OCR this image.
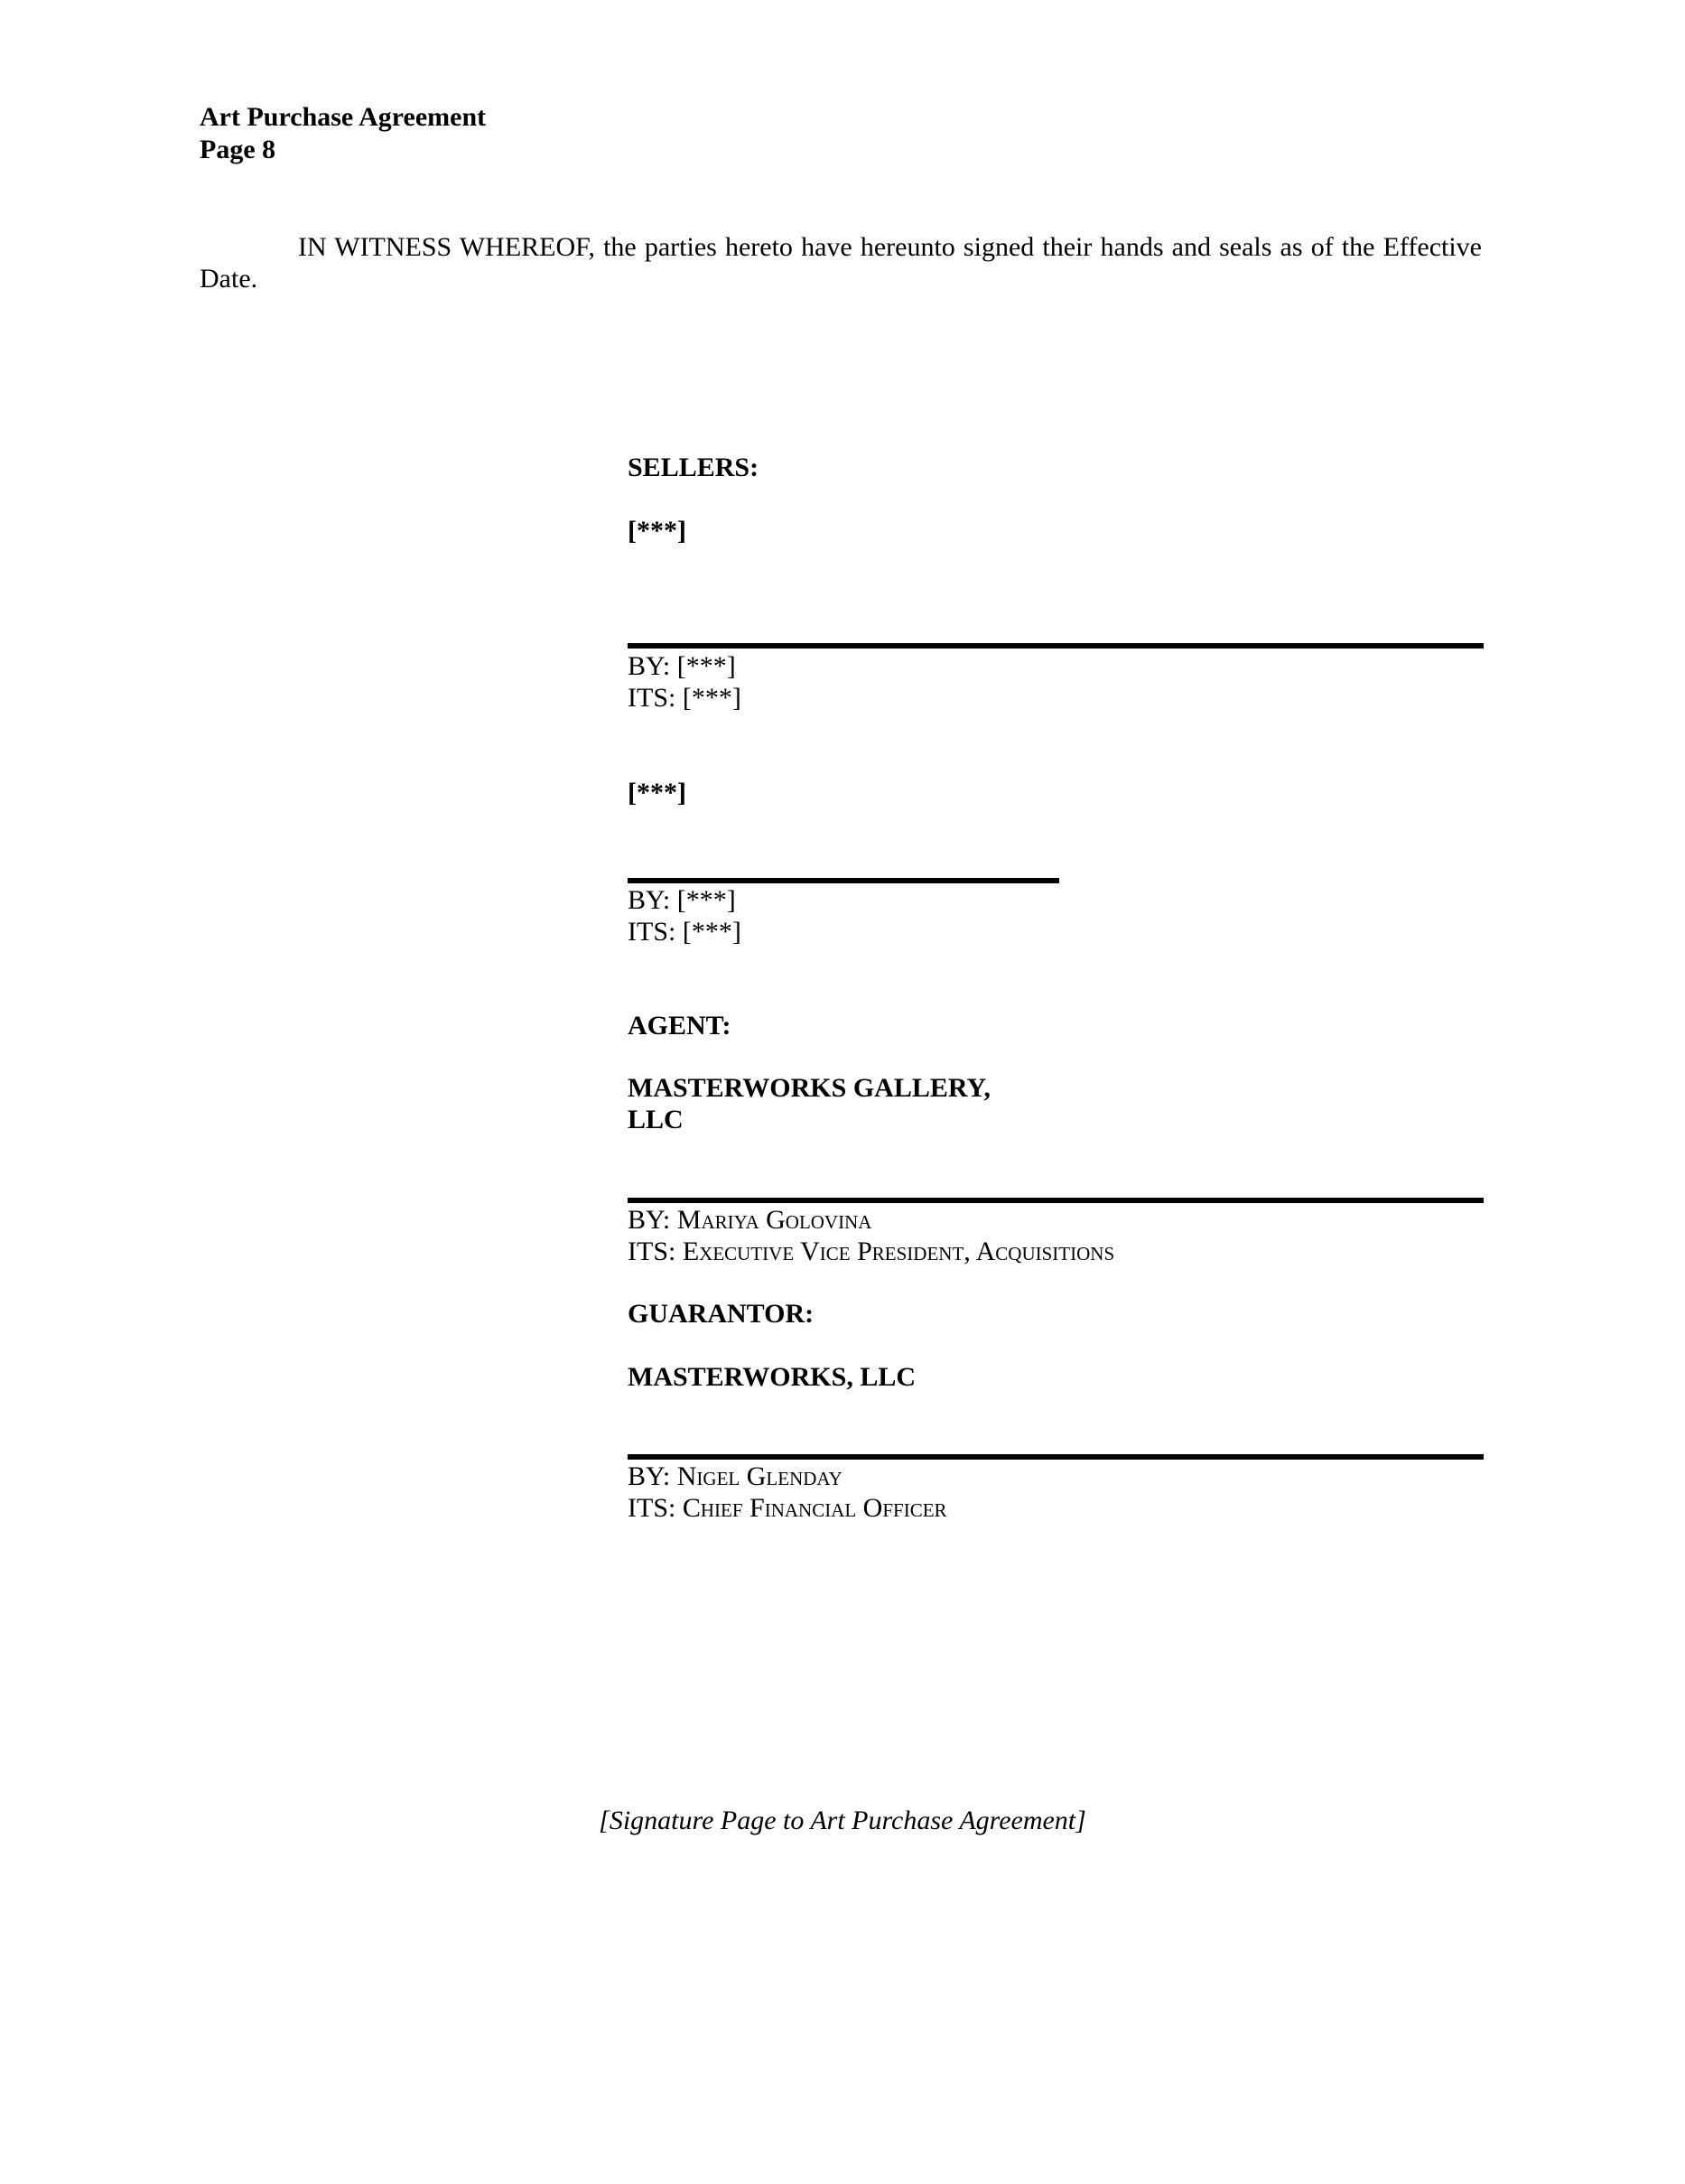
Art Purchase Agreement
Page 8
IN WITNESS WHEREOF, the parties hereto have hereunto signed their hands and seals as of the Effective Date.
SELLERS:
[***]
BY: [***]
ITS: [***]
[***]
BY: [***]
ITS: [***]
AGENT:
MASTERWORKS GALLERY,
LLC
BY: Mariya Golovina
ITS: Executive Vice President, Acquisitions
GUARANTOR:
MASTERWORKS, LLC
BY: Nigel Glenday
ITS: Chief Financial Officer
[Signature Page to Art Purchase Agreement]
